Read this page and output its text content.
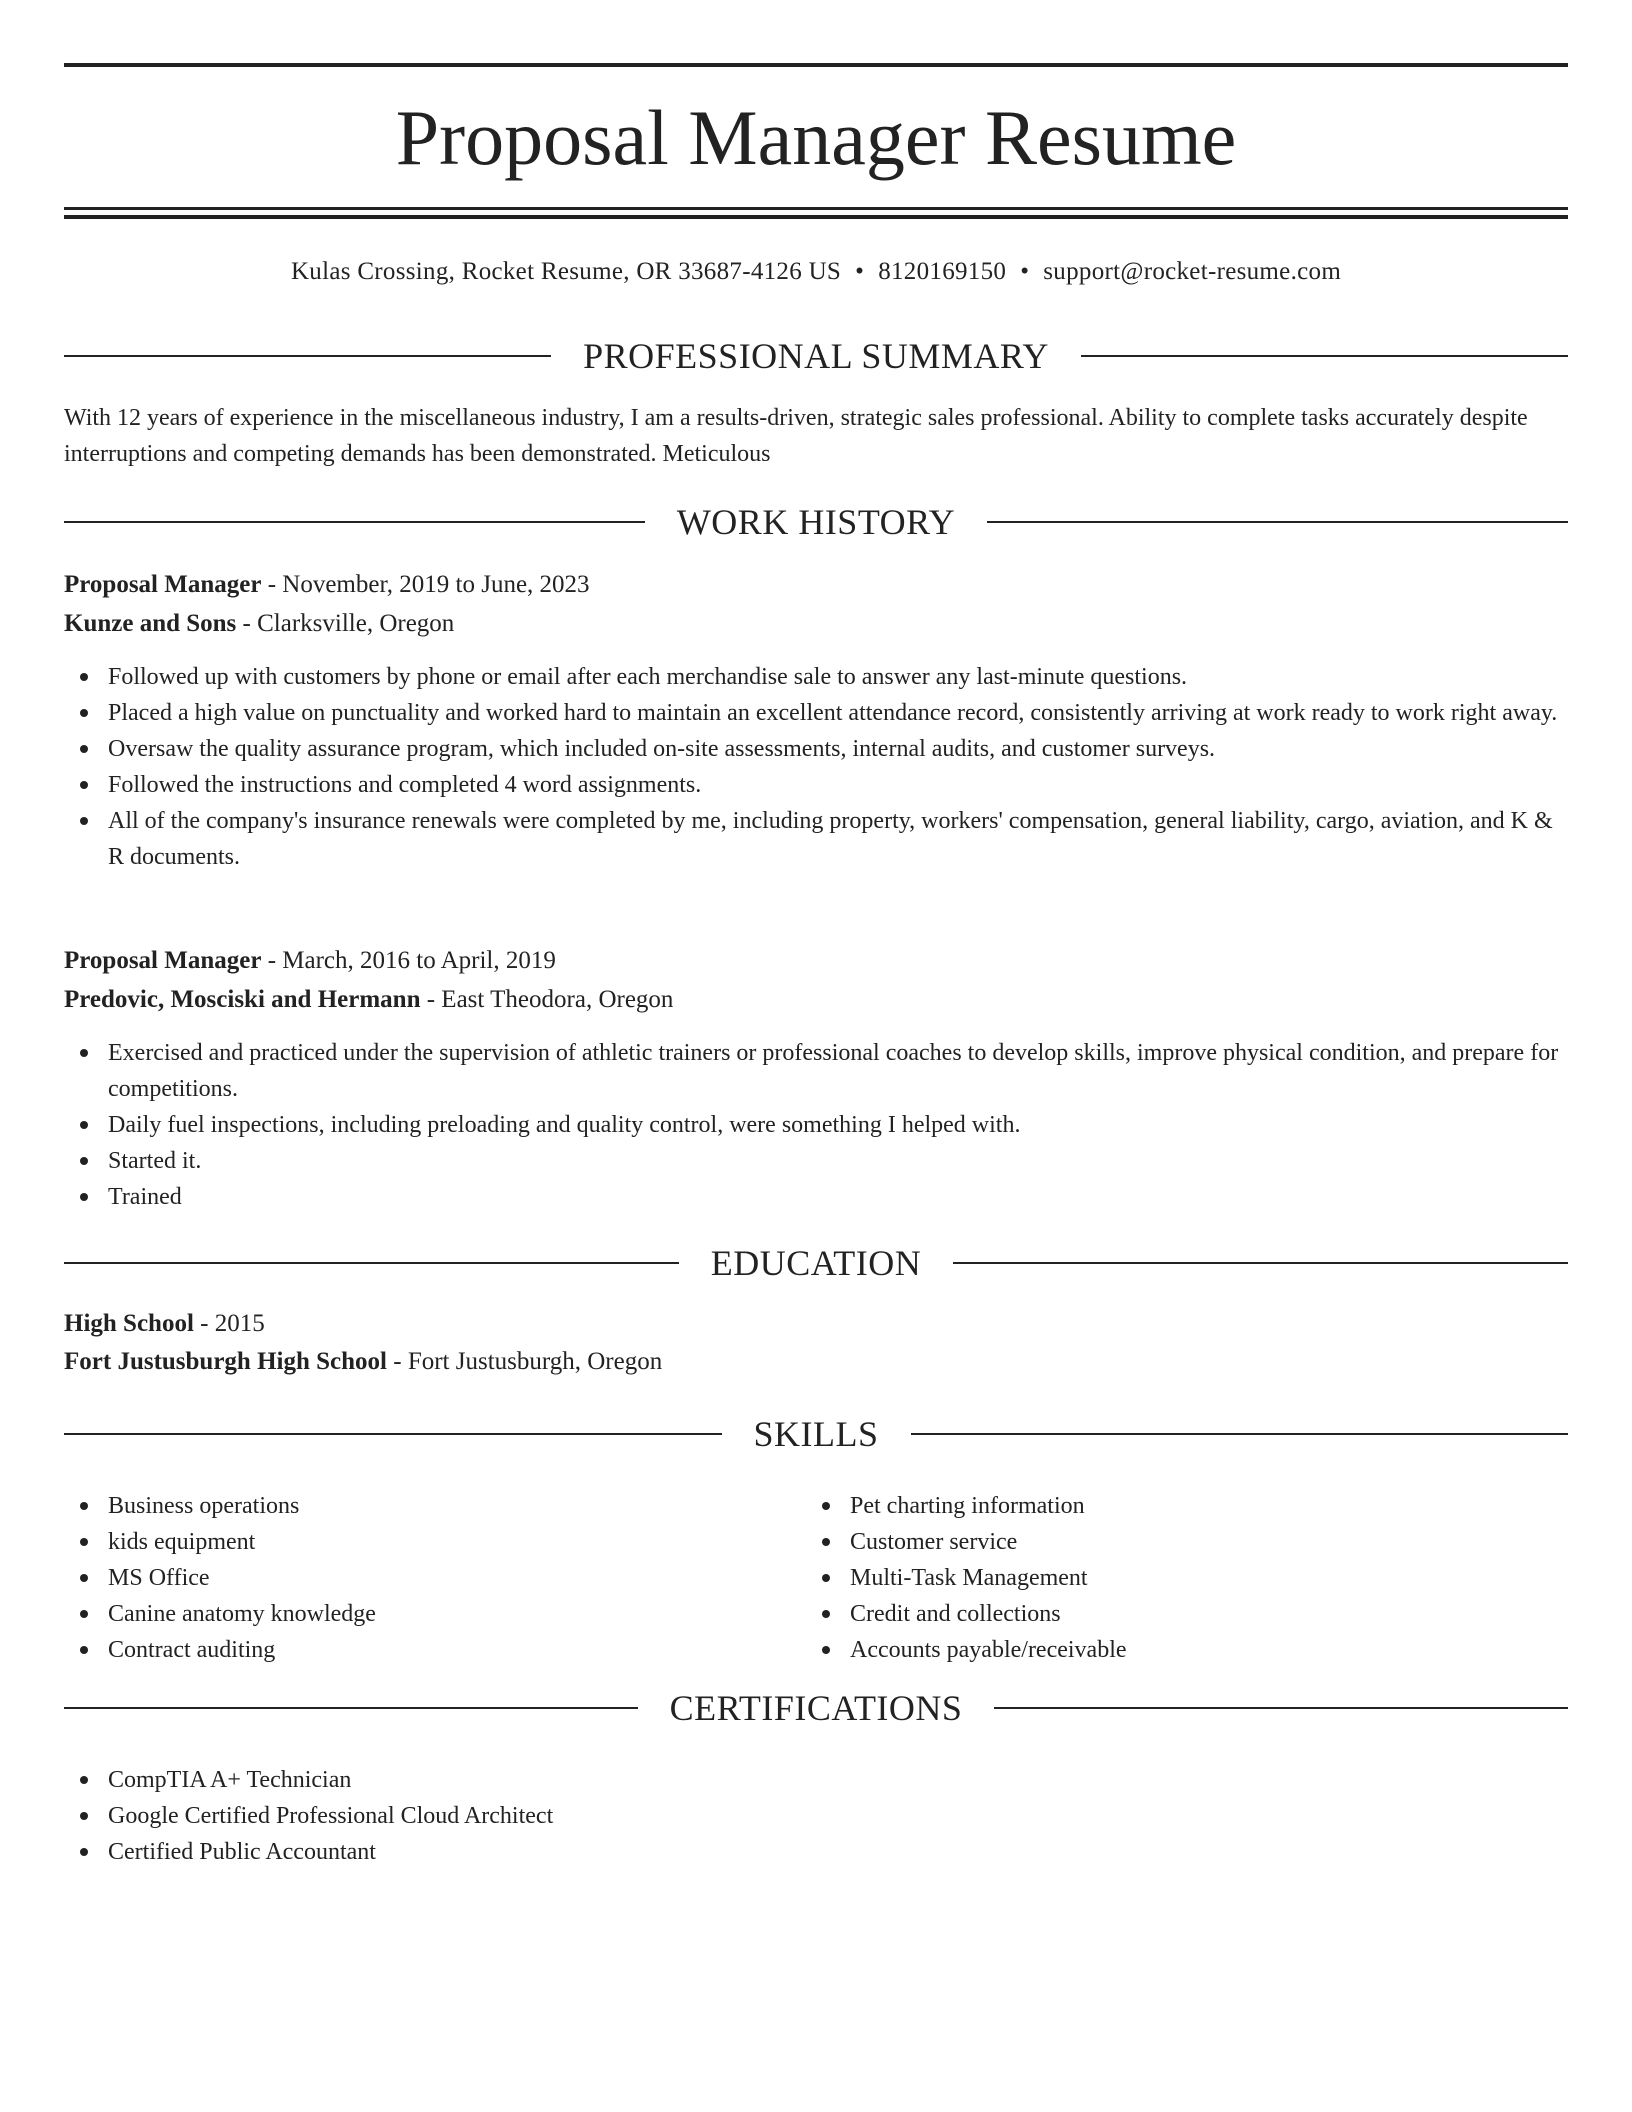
Proposal Manager Resume
Kulas Crossing, Rocket Resume, OR 33687-4126 US • 8120169150 • support@rocket-resume.com
PROFESSIONAL SUMMARY

With 12 years of experience in the miscellaneous industry, I am a results-driven, strategic sales professional. Ability to complete tasks accurately despite interruptions and competing demands has been demonstrated. Meticulous

WORK HISTORY
Proposal Manager - November, 2019 to June, 2023
Kunze and Sons - Clarksville, Oregon
Followed up with customers by phone or email after each merchandise sale to answer any last-minute questions.
Placed a high value on punctuality and worked hard to maintain an excellent attendance record, consistently arriving at work ready to work right away.
Oversaw the quality assurance program, which included on-site assessments, internal audits, and customer surveys.
Followed the instructions and completed 4 word assignments.
All of the company's insurance renewals were completed by me, including property, workers' compensation, general liability, cargo, aviation, and K & R documents.
Proposal Manager - March, 2016 to April, 2019
Predovic, Mosciski and Hermann - East Theodora, Oregon
Exercised and practiced under the supervision of athletic trainers or professional coaches to develop skills, improve physical condition, and prepare for competitions.
Daily fuel inspections, including preloading and quality control, were something I helped with.
Started it.
Trained
EDUCATION
High School - 2015
Fort Justusburgh High School - Fort Justusburgh, Oregon
SKILLS
Business operations
kids equipment
MS Office
Canine anatomy knowledge
Contract auditing
Pet charting information
Customer service
Multi-Task Management
Credit and collections
Accounts payable/receivable
CERTIFICATIONS
CompTIA A+ Technician
Google Certified Professional Cloud Architect
Certified Public Accountant
